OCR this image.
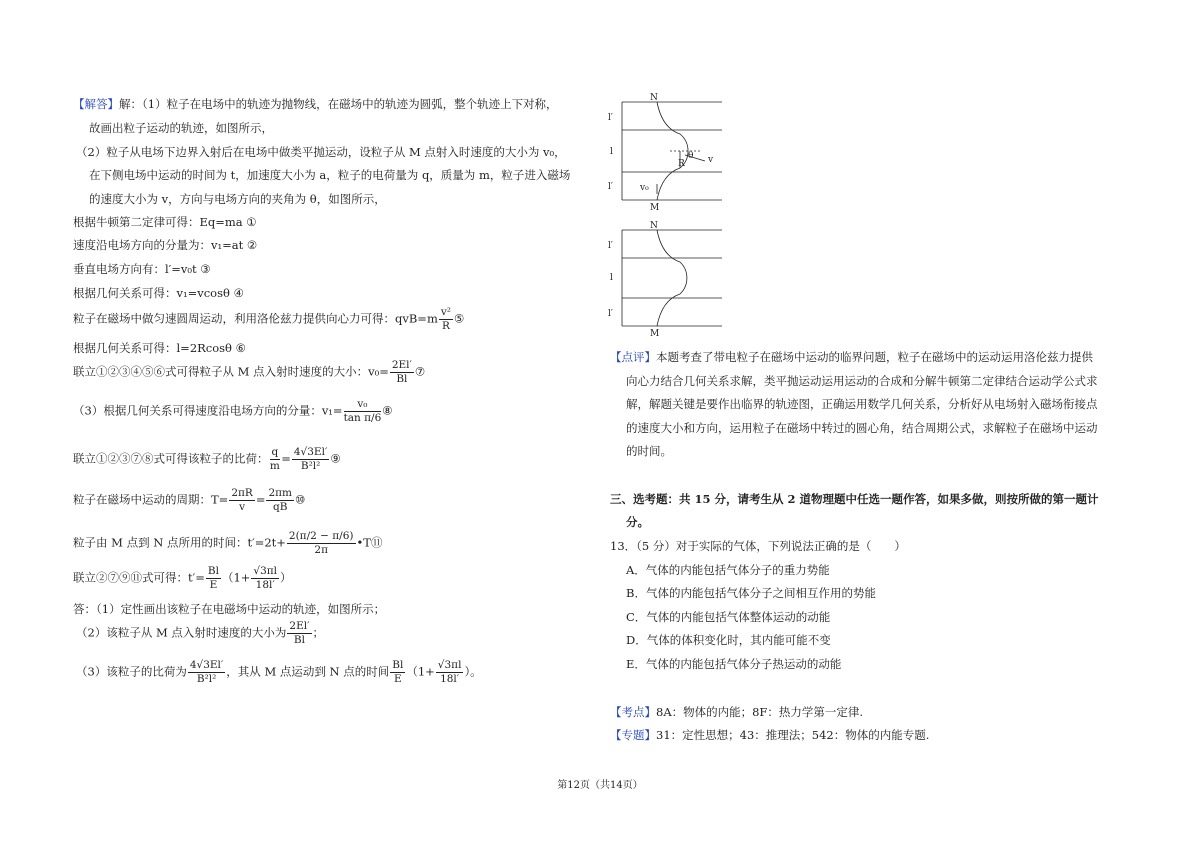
【解答】解：（1）粒子在电场中的轨迹为抛物线，在磁场中的轨迹为圆弧，整个轨迹上下对称，
故画出粒子运动的轨迹，如图所示，
（2）粒子从电场下边界入射后在电场中做类平抛运动，设粒子从 M 点射入时速度的大小为 v₀，
在下侧电场中运动的时间为 t，加速度大小为 a，粒子的电荷量为 q，质量为 m，粒子进入磁场
的速度大小为 v，方向与电场方向的夹角为 θ，如图所示，
根据牛顿第二定律可得：Eq=ma ①
速度沿电场方向的分量为：v₁=at ②
垂直电场方向有：l′=v₀t ③
根据几何关系可得：v₁=vcosθ ④
粒子在磁场中做匀速圆周运动，利用洛伦兹力提供向心力可得：$qvB=m \frac{\text{v²}}{R}$ ⑤
根据几何关系可得：l=2Rcosθ ⑥
联立①②③④⑤⑥式可得粒子从 M 点入射时速度的大小：$v_0= \frac{2El'}{Bl}$ ⑦
（3）根据几何关系可得速度沿电场方向的分量：$v_1= \frac{\text{v₀}}{\text{tan π/6}}$ ⑧
联立①②③⑦⑧式可得该粒子的比荷： $\frac{q}{m} = \frac{4√3El'}{\text{B²l²}}$ ⑨
粒子在磁场中运动的周期：$T= \frac{2\pi R}{v} = \frac{2\pi m}{qB}$ ⑩
粒子由 M 点到 N 点所用的时间：$t'=2t+ \frac{2(\pi/2 - \pi/6)}{2\pi}$ •T⑪
联立②⑦⑨⑪式可得：$t'= \frac{Bl}{E} (1+ \frac{√3\pi l}{18l'}$ ）
答：（1）定性画出该粒子在电磁场中运动的轨迹，如图所示；
（2）该粒子从 M 点入射时速度的大小为 $\frac{2El'}{Bl}$ ；
（3）该粒子的比荷为 $\frac{4√3El'}{\text{B²l²}}$ ，其从 M 点运动到 N 点的时间 $\frac{Bl}{E} (1+ \frac{√3\pi l}{18l'}$ ）。
N
M
l′
l
l′
R
θ v
v₀
N
M
l′
l
l′
【点评】本题考查了带电粒子在磁场中运动的临界问题，粒子在磁场中的运动运用洛伦兹力提供
向心力结合几何关系求解，类平抛运动运用运动的合成和分解牛顿第二定律结合运动学公式求
解，解题关键是要作出临界的轨迹图，正确运用数学几何关系，分析好从电场射入磁场衔接点
的速度大小和方向，运用粒子在磁场中转过的圆心角，结合周期公式，求解粒子在磁场中运动
的时间。
三、选考题：共 15 分，请考生从 2 道物理题中任选一题作答，如果多做，则按所做的第一题计
分。
13．（5 分）对于实际的气体，下列说法正确的是（　　）
A．气体的内能包括气体分子的重力势能
B．气体的内能包括气体分子之间相互作用的势能
C．气体的内能包括气体整体运动的动能
D．气体的体积变化时，其内能可能不变
E．气体的内能包括气体分子热运动的动能
【考点】8A：物体的内能；8F：热力学第一定律.
【专题】31：定性思想；43：推理法；542：物体的内能专题.
第12页（共14页）
